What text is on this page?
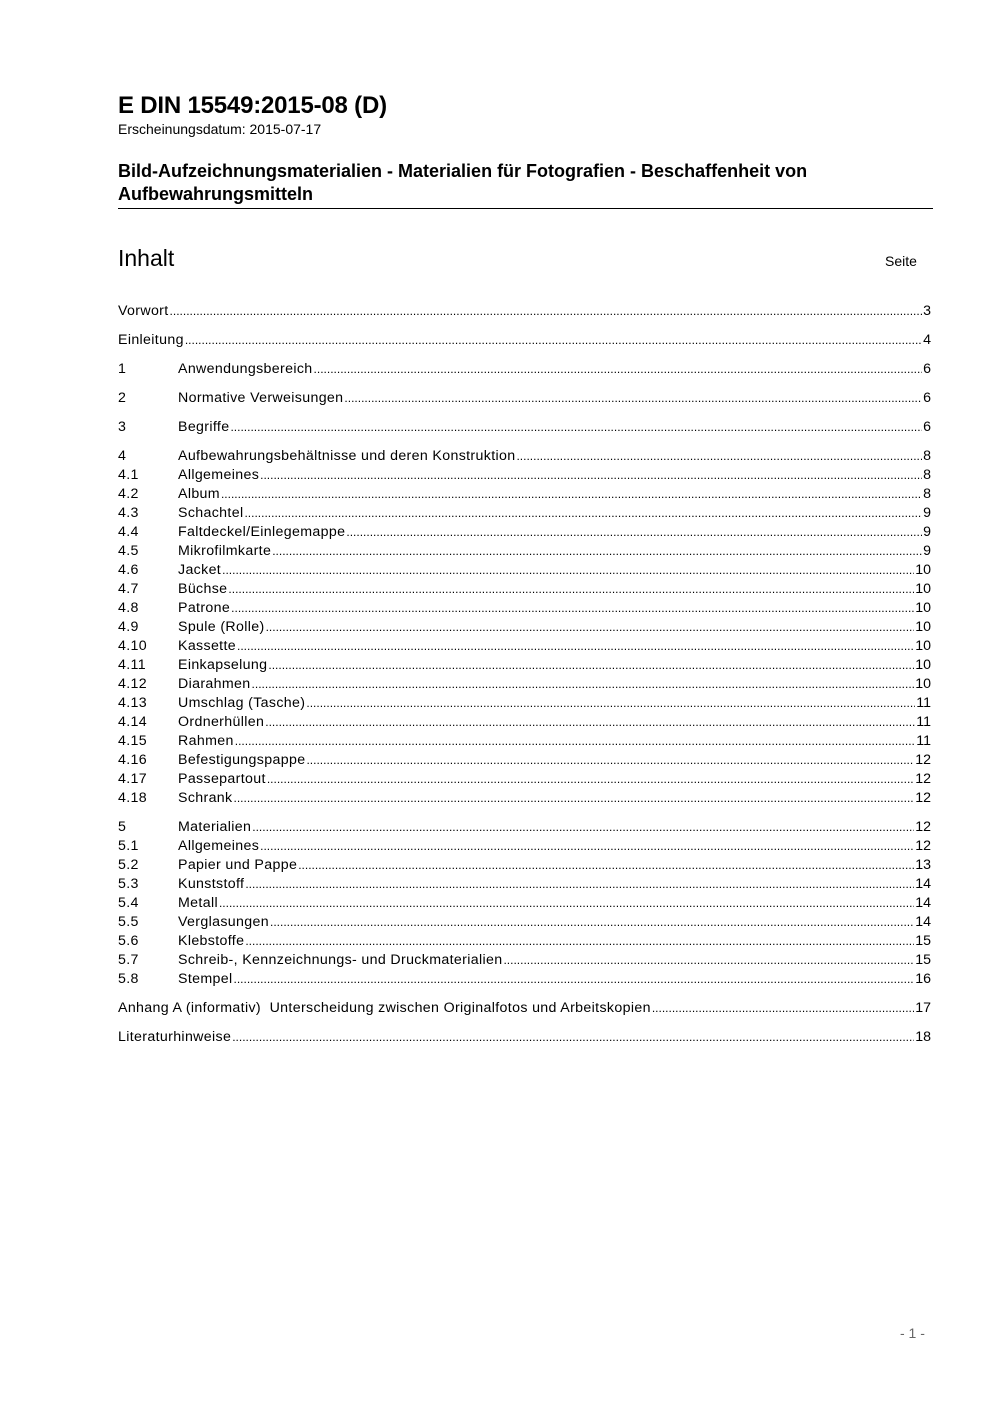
E DIN 15549:2015-08 (D)
Erscheinungsdatum: 2015-07-17
Bild-Aufzeichnungsmaterialien - Materialien für Fotografien - Beschaffenheit von Aufbewahrungsmitteln
Inhalt	Seite
Vorwort .....	3
Einleitung .....	4
1	Anwendungsbereich .....	6
2	Normative Verweisungen .....	6
3	Begriffe .....	6
4	Aufbewahrungsbehältnisse und deren Konstruktion .....	8
4.1	Allgemeines .....	8
4.2	Album .....	8
4.3	Schachtel .....	9
4.4	Faltdeckel/Einlegemappe .....	9
4.5	Mikrofilmkarte .....	9
4.6	Jacket .....	10
4.7	Büchse .....	10
4.8	Patrone .....	10
4.9	Spule (Rolle) .....	10
4.10	Kassette .....	10
4.11	Einkapselung .....	10
4.12	Diarahmen .....	10
4.13	Umschlag (Tasche) .....	11
4.14	Ordnerhüllen .....	11
4.15	Rahmen .....	11
4.16	Befestigungspappe .....	12
4.17	Passepartout .....	12
4.18	Schrank .....	12
5	Materialien .....	12
5.1	Allgemeines .....	12
5.2	Papier und Pappe .....	13
5.3	Kunststoff .....	14
5.4	Metall .....	14
5.5	Verglasungen .....	14
5.6	Klebstoffe .....	15
5.7	Schreib-, Kennzeichnungs- und Druckmaterialien .....	15
5.8	Stempel .....	16
Anhang A (informativ)  Unterscheidung zwischen Originalfotos und Arbeitskopien .....	17
Literaturhinweise .....	18
- 1 -
